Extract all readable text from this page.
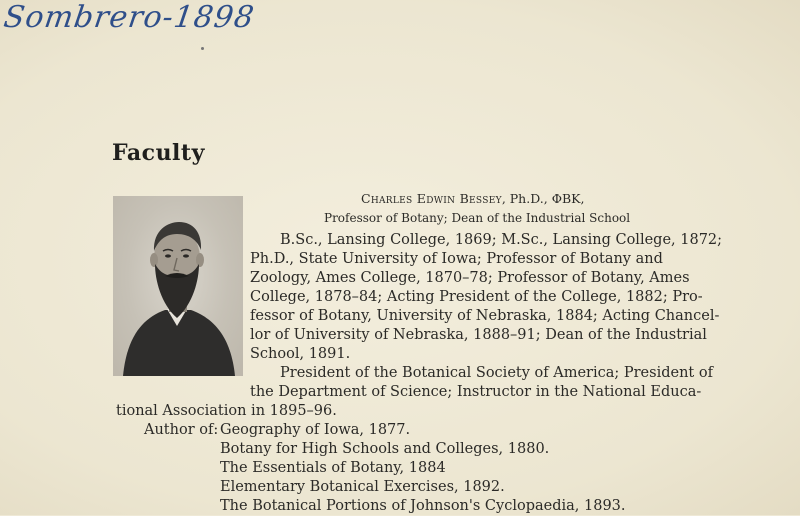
Sombrero-1898
Faculty
Charles Edwin Bessey, Ph.D., ΦBK,
Professor of Botany; Dean of the Industrial School
B.Sc., Lansing College, 1869; M.Sc., Lansing College, 1872;
Ph.D., State University of Iowa; Professor of Botany and
Zoology, Ames College, 1870–78; Professor of Botany, Ames
College, 1878–84; Acting President of the College, 1882; Pro-
fessor of Botany, University of Nebraska, 1884; Acting Chancel-
lor of University of Nebraska, 1888–91; Dean of the Industrial
School, 1891.
President of the Botanical Society of America; President of
the Department of Science; Instructor in the National Educa-
tional Association in 1895–96.
Author of: Geography of Iowa, 1877.
Botany for High Schools and Colleges, 1880.
The Essentials of Botany, 1884
Elementary Botanical Exercises, 1892.
The Botanical Portions of Johnson's Cyclopaedia, 1893.
